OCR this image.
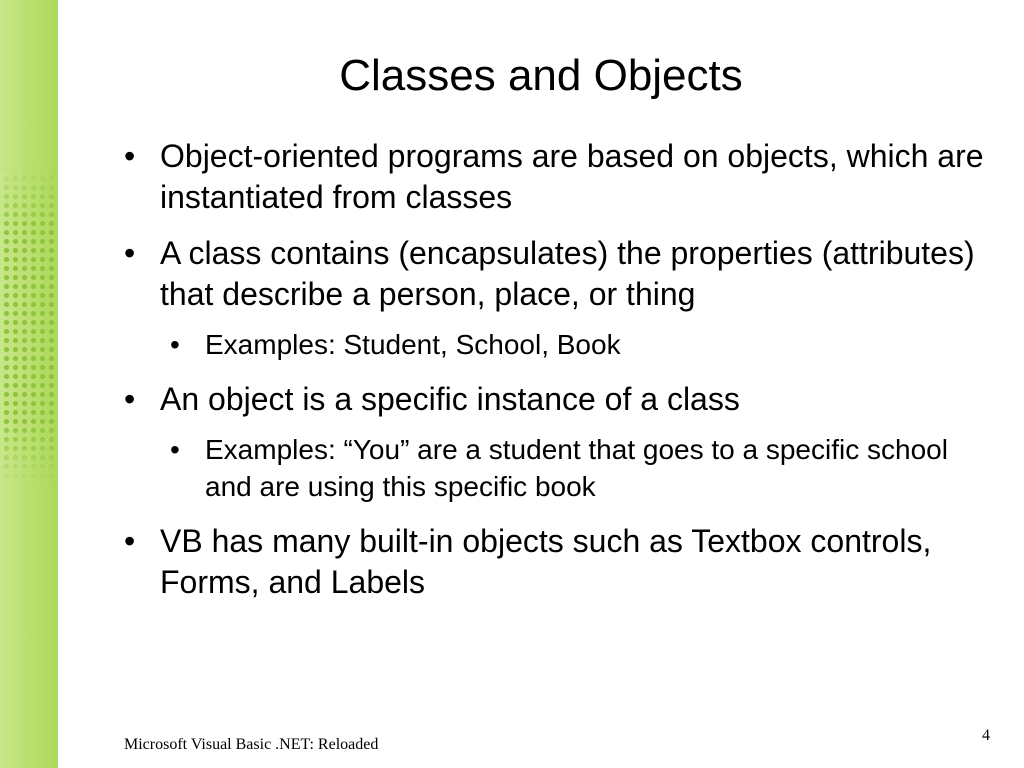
Classes and Objects
• Object-oriented programs are based on objects, which are instantiated from classes
• A class contains (encapsulates) the properties (attributes) that describe a person, place, or thing
• Examples: Student, School, Book
• An object is a specific instance of a class
• Examples: “You” are a student that goes to a specific school and are using this specific book
• VB has many built-in objects such as Textbox controls, Forms, and Labels
Microsoft Visual Basic .NET: Reloaded
4
